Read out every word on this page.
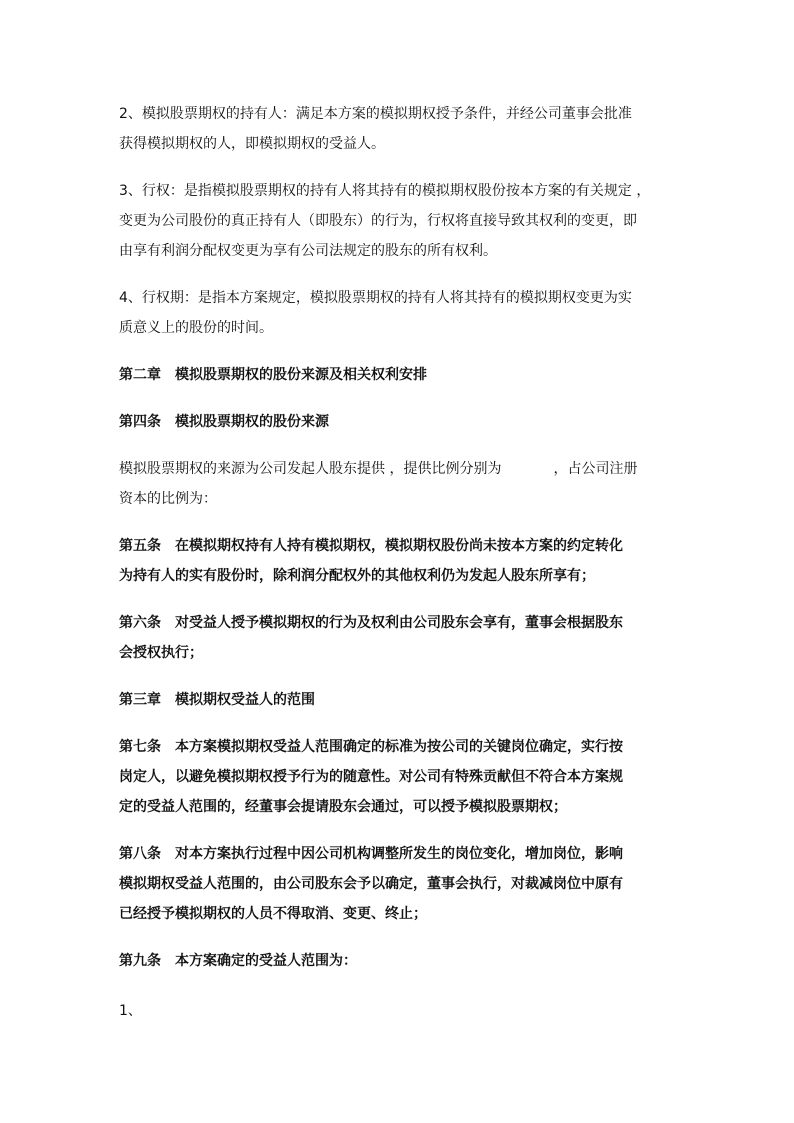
2、模拟股票期权的持有人：满足本方案的模拟期权授予条件，并经公司董事会批准
获得模拟期权的人，即模拟期权的受益人。

3、行权：是指模拟股票期权的持有人将其持有的模拟期权股份按本方案的有关规定 ，
变更为公司股份的真正持有人（即股东）的行为，行权将直接导致其权利的变更，即
由享有利润分配权变更为享有公司法规定的股东的所有权利。

4、行权期：是指本方案规定，模拟股票期权的持有人将其持有的模拟期权变更为实
质意义上的股份的时间。

第二章　模拟股票期权的股份来源及相关权利安排

第四条　模拟股票期权的股份来源

模拟股票期权的来源为公司发起人股东提供 ，提供比例分别为	，占公司注册
资本的比例为：

第五条　在模拟期权持有人持有模拟期权，模拟期权股份尚未按本方案的约定转化
为持有人的实有股份时，除利润分配权外的其他权利仍为发起人股东所享有；

第六条　对受益人授予模拟期权的行为及权利由公司股东会享有，董事会根据股东
会授权执行；

第三章　模拟期权受益人的范围

第七条　本方案模拟期权受益人范围确定的标准为按公司的关键岗位确定，实行按
岗定人，以避免模拟期权授予行为的随意性。对公司有特殊贡献但不符合本方案规
定的受益人范围的，经董事会提请股东会通过，可以授予模拟股票期权；

第八条　对本方案执行过程中因公司机构调整所发生的岗位变化，增加岗位，影响
模拟期权受益人范围的，由公司股东会予以确定，董事会执行，对裁减岗位中原有
已经授予模拟期权的人员不得取消、变更、终止；

第九条　本方案确定的受益人范围为：

1、
